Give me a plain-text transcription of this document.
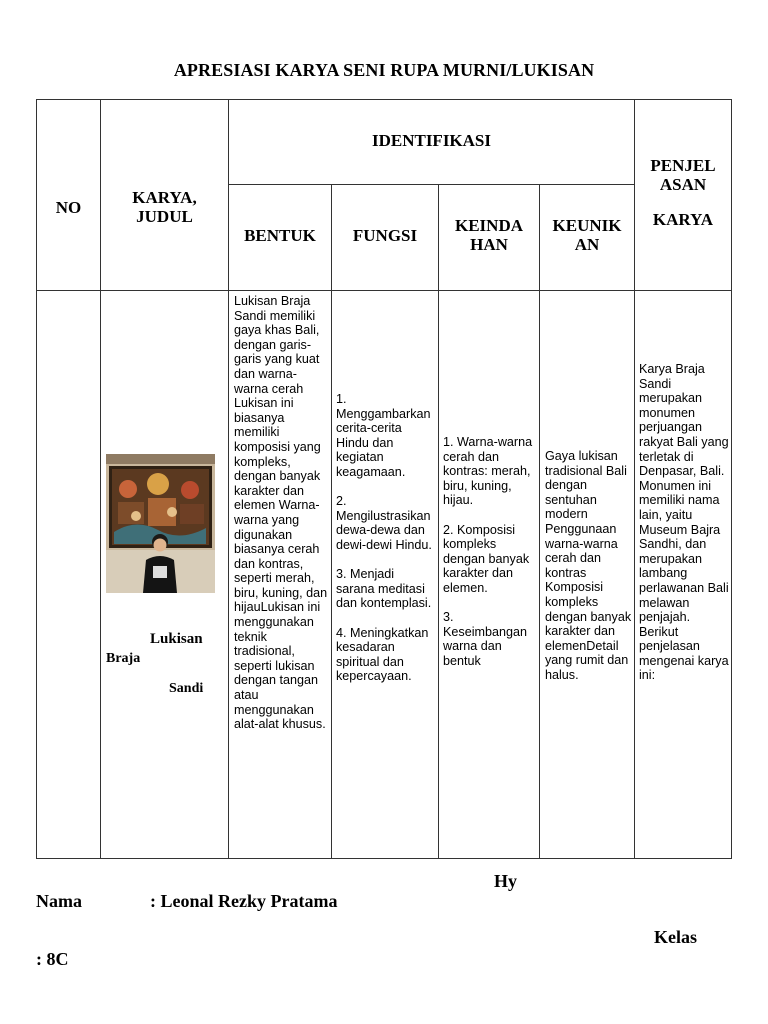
APRESIASI KARYA SENI RUPA MURNI/LUKISAN
NO
KARYA,
JUDUL
IDENTIFIKASI
BENTUK	FUNGSI
KEINDA
HAN
KEUNIK
AN
PENJEL
ASAN
KARYA
Lukisan
Braja
Sandi
Lukisan Braja Sandi memiliki gaya khas Bali, dengan garis-garis yang kuat dan warna-warna cerah Lukisan ini biasanya memiliki komposisi yang kompleks, dengan banyak karakter dan elemen Warna-warna yang digunakan biasanya cerah dan kontras, seperti merah, biru, kuning, dan hijauLukisan ini menggunakan teknik tradisional, seperti lukisan dengan tangan atau menggunakan alat-alat khusus.
1. Menggambarkan cerita-cerita Hindu dan kegiatan keagamaan.

2. Mengilustrasikan dewa-dewa dan dewi-dewi Hindu.

3. Menjadi sarana meditasi dan kontemplasi.

4. Meningkatkan kesadaran spiritual dan kepercayaan.
1. Warna-warna cerah dan kontras: merah, biru, kuning, hijau.

2. Komposisi kompleks dengan banyak karakter dan elemen.

3. Keseimbangan warna dan bentuk
Gaya lukisan tradisional Bali dengan sentuhan modern Penggunaan warna-warna cerah dan kontras Komposisi kompleks dengan banyak karakter dan elemenDetail yang rumit dan halus.
Karya Braja Sandi merupakan monumen perjuangan rakyat Bali yang terletak di Denpasar, Bali. Monumen ini memiliki nama lain, yaitu Museum Bajra Sandhi, dan merupakan lambang perlawanan Bali melawan penjajah. Berikut penjelasan mengenai karya ini:
Hy
Nama	: Leonal Rezky Pratama
Kelas
: 8C
